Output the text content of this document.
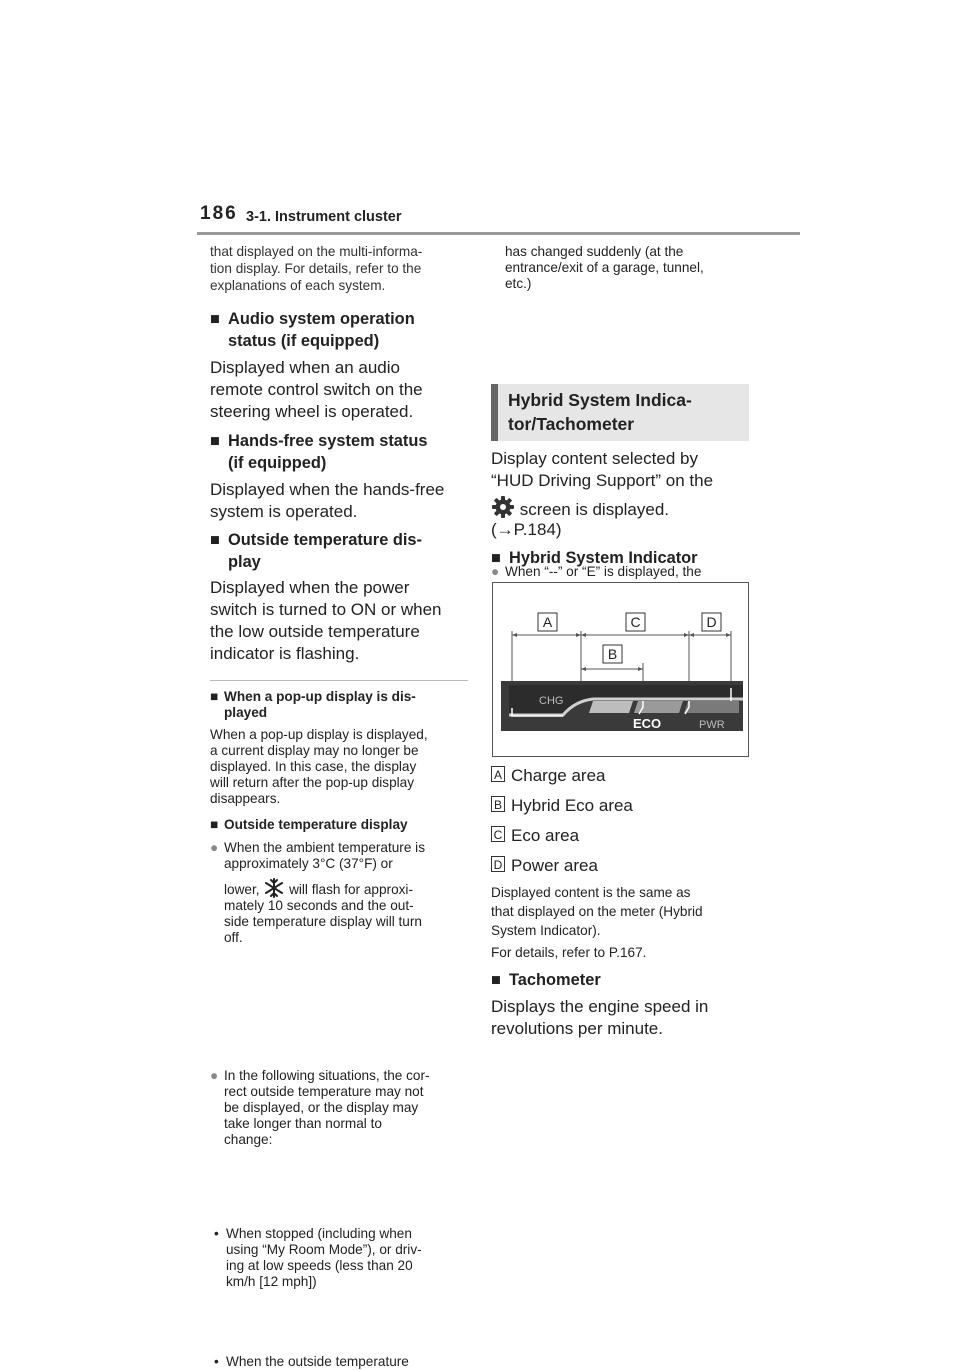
186 3-1. Instrument cluster
that displayed on the multi-informa-
tion display. For details, refer to the
explanations of each system.
■ Audio system operation
status (if equipped)
Displayed when an audio
remote control switch on the
steering wheel is operated.
■ Hands-free system status
(if equipped)
Displayed when the hands-free
system is operated.
■ Outside temperature dis-
play
Displayed when the power
switch is turned to ON or when
the low outside temperature
indicator is flashing.
■ When a pop-up display is dis-
played
When a pop-up display is displayed,
a current display may no longer be
displayed. In this case, the display
will return after the pop-up display
disappears.
■ Outside temperature display
● When the ambient temperature is
approximately 3°C (37°F) or
lower,  will flash for approxi-
mately 10 seconds and the out-
side temperature display will turn
off.
● In the following situations, the cor-
rect outside temperature may not
be displayed, or the display may
take longer than normal to
change:
• When stopped (including when
using “My Room Mode”), or driv-
ing at low speeds (less than 20
km/h [12 mph])
• When the outside temperature
has changed suddenly (at the
entrance/exit of a garage, tunnel,
etc.)
● When “--” or “E” is displayed, the

Hybrid System Indica-
tor/Tachometer
Display content selected by
“HUD Driving Support” on the
screen is displayed.
(→P.184)
■ Hybrid System Indicator
A	C	D
B
CHG
ECO	PWR
A Charge area
B Hybrid Eco area
C Eco area
D Power area
Displayed content is the same as
that displayed on the meter (Hybrid
System Indicator).
For details, refer to P.167.
■ Tachometer
Displays the engine speed in
revolutions per minute.
